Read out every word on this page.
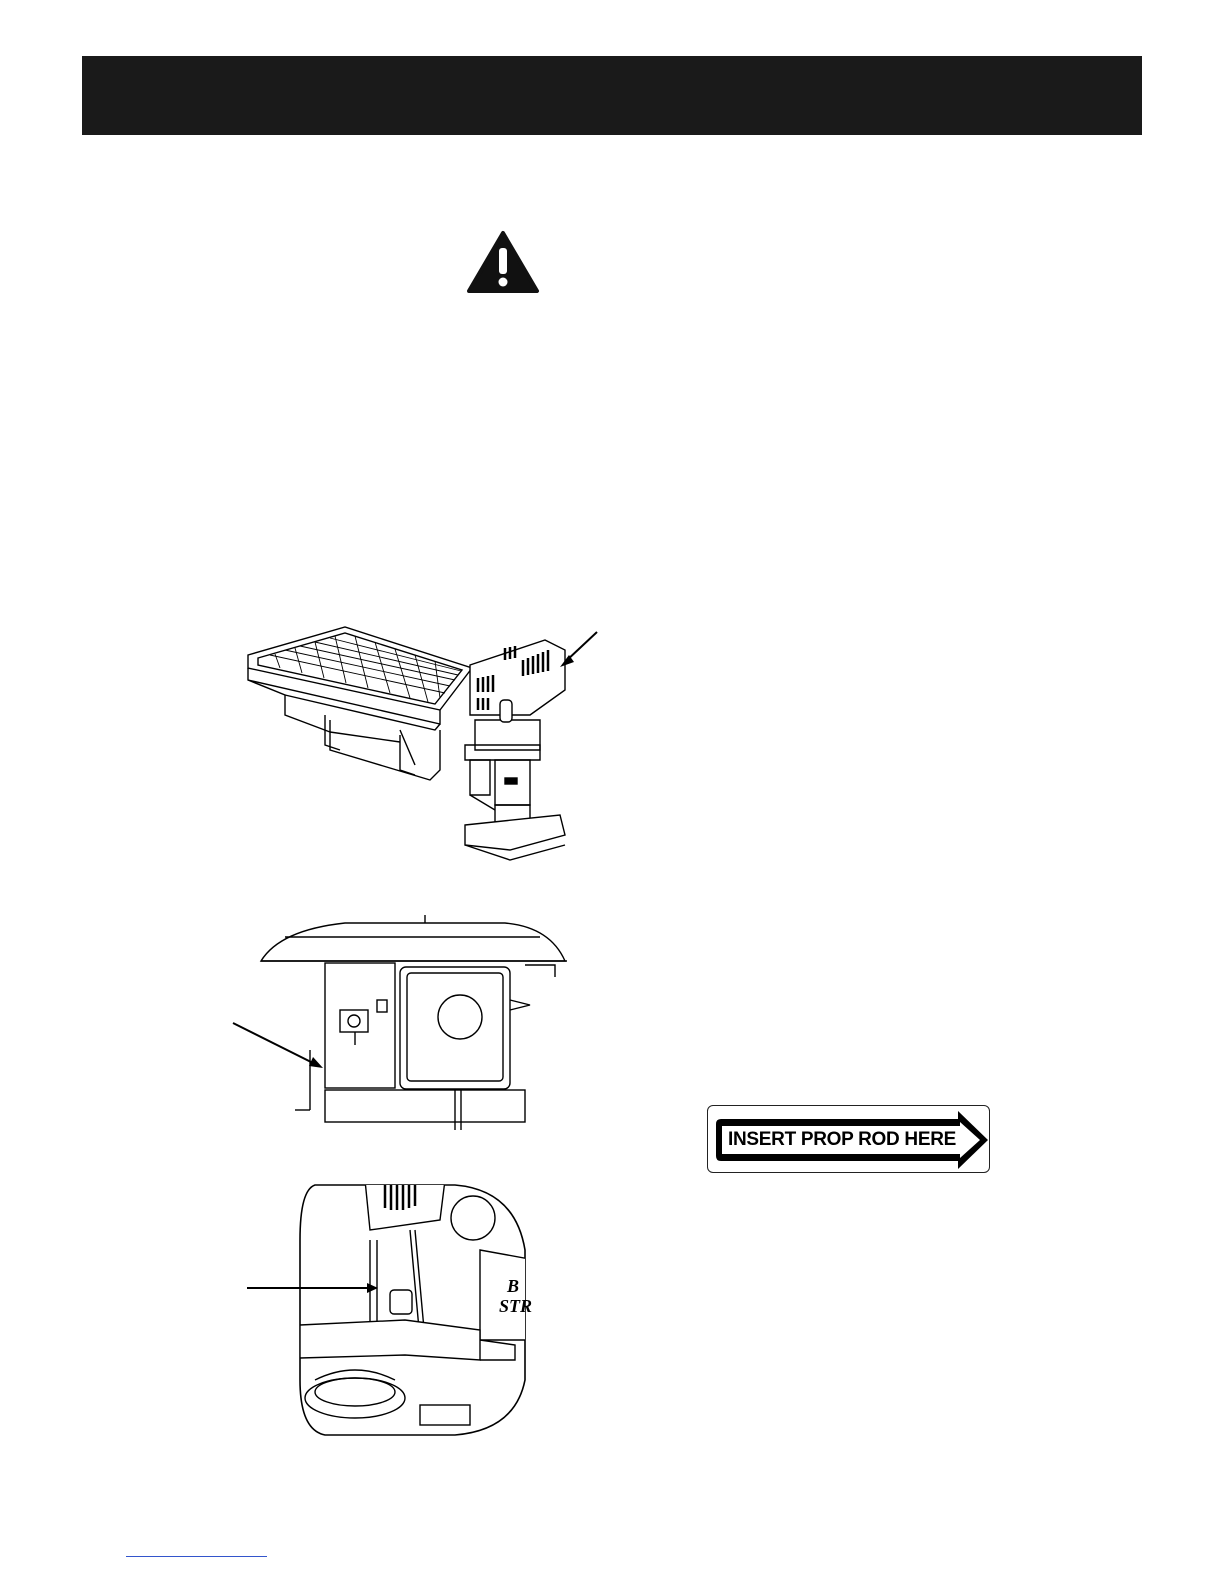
B
STR
INSERT PROP ROD HERE
